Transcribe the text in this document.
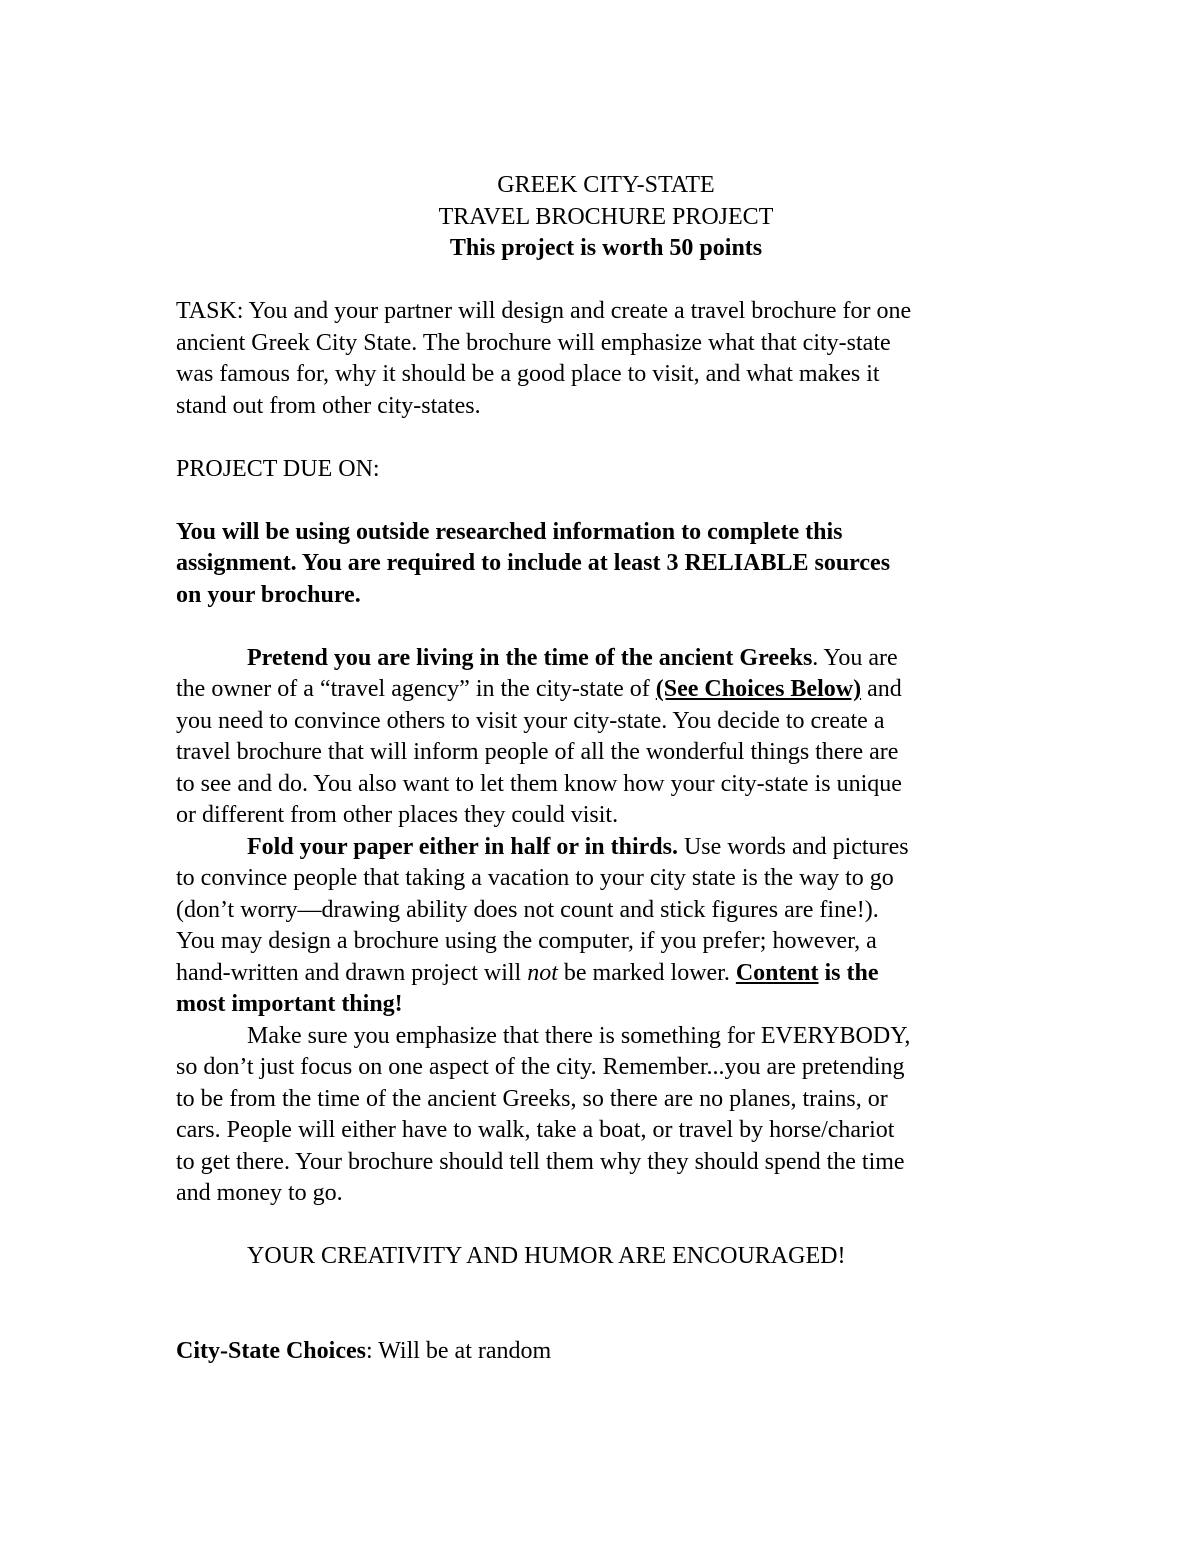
GREEK CITY-STATE
TRAVEL BROCHURE PROJECT
This project is worth 50 points
TASK: You and your partner will design and create a travel brochure for one
ancient Greek City State. The brochure will emphasize what that city-state
was famous for, why it should be a good place to visit, and what makes it
stand out from other city-states.
PROJECT DUE ON:
You will be using outside researched information to complete this
assignment. You are required to include at least 3 RELIABLE sources
on your brochure.
Pretend you are living in the time of the ancient Greeks. You are
the owner of a “travel agency” in the city-state of (See Choices Below) and
you need to convince others to visit your city-state. You decide to create a
travel brochure that will inform people of all the wonderful things there are
to see and do. You also want to let them know how your city-state is unique
or different from other places they could visit.
Fold your paper either in half or in thirds. Use words and pictures
to convince people that taking a vacation to your city state is the way to go
(don’t worry—drawing ability does not count and stick figures are fine!).
You may design a brochure using the computer, if you prefer; however, a
hand-written and drawn project will not be marked lower. Content is the
most important thing!
Make sure you emphasize that there is something for EVERYBODY,
so don’t just focus on one aspect of the city. Remember...you are pretending
to be from the time of the ancient Greeks, so there are no planes, trains, or
cars. People will either have to walk, take a boat, or travel by horse/chariot
to get there. Your brochure should tell them why they should spend the time
and money to go.
YOUR CREATIVITY AND HUMOR ARE ENCOURAGED!
City-State Choices: Will be at random
